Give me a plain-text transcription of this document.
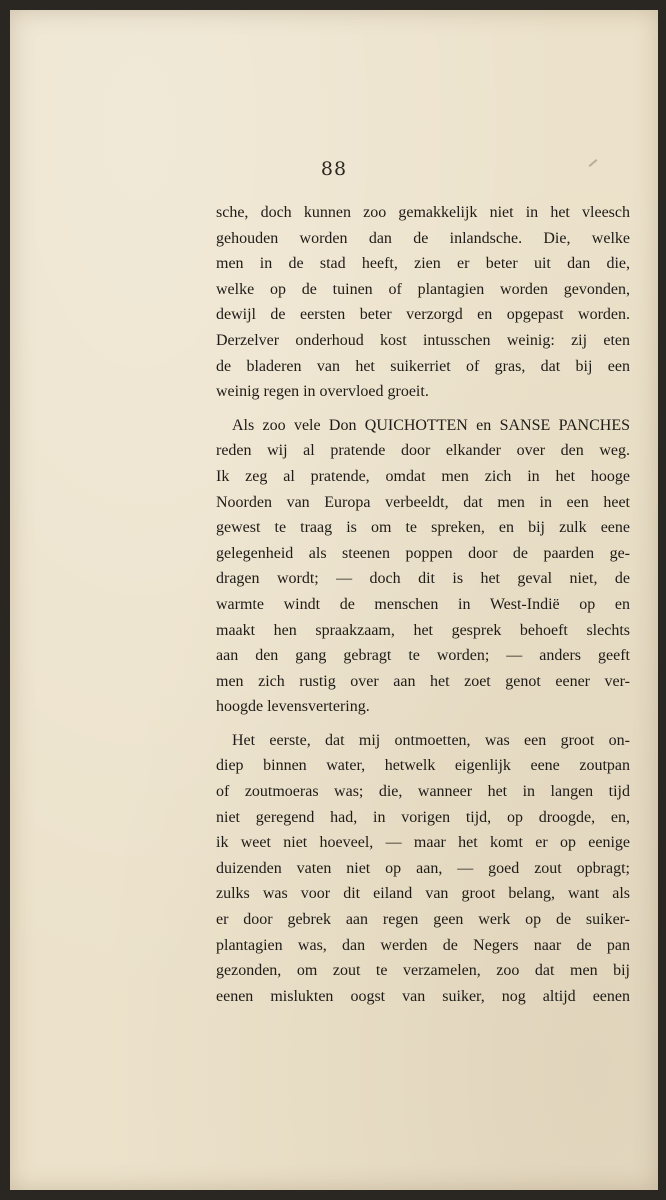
88
sche, doch kunnen zoo gemakkelijk niet in het vleesch
gehouden worden dan de inlandsche. Die, welke
men in de stad heeft, zien er beter uit dan die,
welke op de tuinen of plantagien worden gevonden,
dewijl de eersten beter verzorgd en opgepast worden.
Derzelver onderhoud kost intusschen weinig: zij eten
de bladeren van het suikerriet of gras, dat bij een
weinig regen in overvloed groeit.
Als zoo vele Don QUICHOTTEN en SANSE PANCHES
reden wij al pratende door elkander over den weg.
Ik zeg al pratende, omdat men zich in het hooge
Noorden van Europa verbeeldt, dat men in een heet
gewest te traag is om te spreken, en bij zulk eene
gelegenheid als steenen poppen door de paarden ge-
dragen wordt; — doch dit is het geval niet, de
warmte windt de menschen in West-Indië op en
maakt hen spraakzaam, het gesprek behoeft slechts
aan den gang gebragt te worden; — anders geeft
men zich rustig over aan het zoet genot eener ver-
hoogde levensvertering.
Het eerste, dat mij ontmoetten, was een groot on-
diep binnen water, hetwelk eigenlijk eene zoutpan
of zoutmoeras was; die, wanneer het in langen tijd
niet geregend had, in vorigen tijd, op droogde, en,
ik weet niet hoeveel, — maar het komt er op eenige
duizenden vaten niet op aan, — goed zout opbragt;
zulks was voor dit eiland van groot belang, want als
er door gebrek aan regen geen werk op de suiker-
plantagien was, dan werden de Negers naar de pan
gezonden, om zout te verzamelen, zoo dat men bij
eenen mislukten oogst van suiker, nog altijd eenen
